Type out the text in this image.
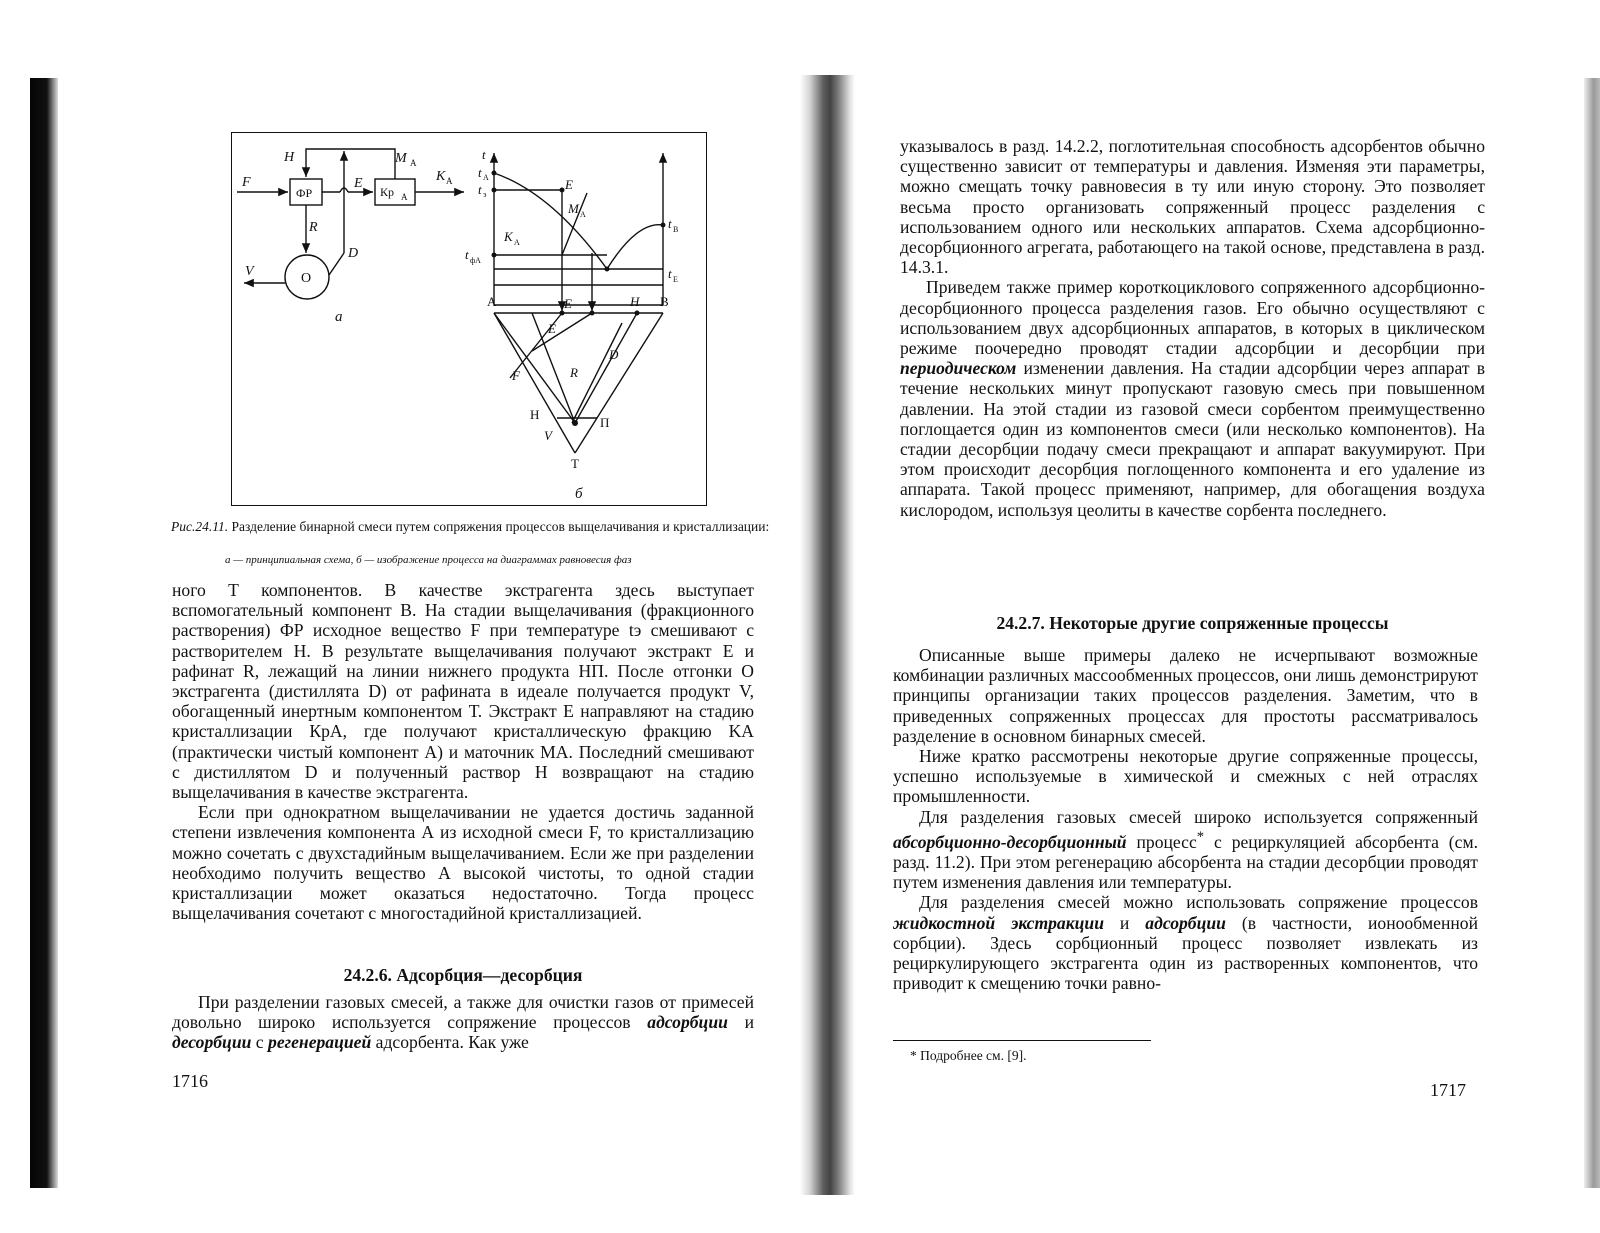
H	M A
F
ФР
E
Кр A
K A
R
D
V	О
а
t
t A
t э
E
M A
K A
t B
t фA
t E
A	E	H B
E
D
F	R
Н
V
П
Т
б
Рис.24.11. Разделение бинарной смеси путем сопряжения процессов выщелачивания и кристаллизации:
а — принципиальная схема, б — изображение процесса на диаграммах равновесия фаз

ного Т компонентов. В качестве экстрагента здесь выступает вспомогательный компонент В. На стадии выщелачивания (фракционного растворения) ФР исходное вещество F при температуре tэ смешивают с растворителем H. В результате выщелачивания получают экстракт E и рафинат R, лежащий на линии нижнего продукта НП. После отгонки О экстрагента (дистиллята D) от рафината в идеале получается продукт V, обогащенный инертным компонентом Т. Экстракт E направляют на стадию кристаллизации КрA, где получают кристаллическую фракцию KA (практически чистый компонент А) и маточник MA. Последний смешивают с дистиллятом D и полученный раствор H возвращают на стадию выщелачивания в качестве экстрагента.

Если при однократном выщелачивании не удается достичь заданной степени извлечения компонента А из исходной смеси F, то кристаллизацию можно сочетать с двухстадийным выщелачиванием. Если же при разделении необходимо получить вещество А высокой чистоты, то одной стадии кристаллизации может оказаться недостаточно. Тогда процесс выщелачивания сочетают с многостадийной кристаллизацией.

24.2.6. Адсорбция—десорбция

При разделении газовых смесей, а также для очистки газов от примесей довольно широко используется сопряжение процессов адсорбции и десорбции с регенерацией адсорбента. Как уже

1716

указывалось в разд. 14.2.2, поглотительная способность адсорбентов обычно существенно зависит от температуры и давления. Изменяя эти параметры, можно смещать точку равновесия в ту или иную сторону. Это позволяет весьма просто организовать сопряженный процесс разделения с использованием одного или нескольких аппаратов. Схема адсорбционно-десорбционного агрегата, работающего на такой основе, представлена в разд. 14.3.1.

Приведем также пример короткоциклового сопряженного адсорбционно-десорбционного процесса разделения газов. Его обычно осуществляют с использованием двух адсорбционных аппаратов, в которых в циклическом режиме поочередно проводят стадии адсорбции и десорбции при периодическом изменении давления. На стадии адсорбции через аппарат в течение нескольких минут пропускают газовую смесь при повышенном давлении. На этой стадии из газовой смеси сорбентом преимущественно поглощается один из компонентов смеси (или несколько компонентов). На стадии десорбции подачу смеси прекращают и аппарат вакуумируют. При этом происходит десорбция поглощенного компонента и его удаление из аппарата. Такой процесс применяют, например, для обогащения воздуха кислородом, используя цеолиты в качестве сорбента последнего.

24.2.7. Некоторые другие сопряженные процессы

Описанные выше примеры далеко не исчерпывают возможные комбинации различных массообменных процессов, они лишь демонстрируют принципы организации таких процессов разделения. Заметим, что в приведенных сопряженных процессах для простоты рассматривалось разделение в основном бинарных смесей.

Ниже кратко рассмотрены некоторые другие сопряженные процессы, успешно используемые в химической и смежных с ней отраслях промышленности.

Для разделения газовых смесей широко используется сопряженный абсорбционно-десорбционный процесс* с рециркуляцией абсорбента (см. разд. 11.2). При этом регенерацию абсорбента на стадии десорбции проводят путем изменения давления или температуры.

Для разделения смесей можно использовать сопряжение процессов жидкостной экстракции и адсорбции (в частности, ионообменной сорбции). Здесь сорбционный процесс позволяет извлекать из рециркулирующего экстрагента один из растворенных компонентов, что приводит к смещению точки равно-

* Подробнее см. [9].
1717
